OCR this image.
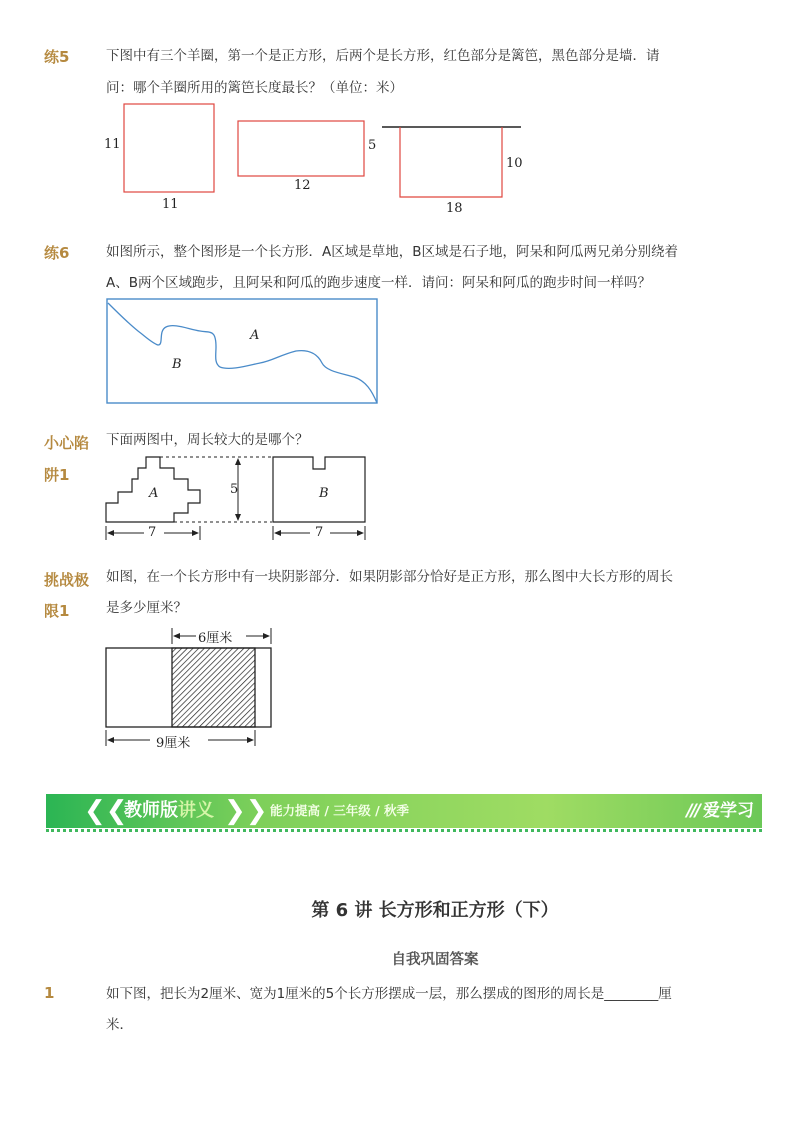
练5	下图中有三个羊圈，第一个是正方形，后两个是长方形，红色部分是篱笆，黑色部分是墙．请
问：哪个羊圈所用的篱笆长度最长？（单位：米）
11
11
5
12
10
18
练6	如图所示，整个图形是一个长方形．A区域是草地，B区域是石子地，阿呆和阿瓜两兄弟分别绕着
A、B两个区域跑步，且阿呆和阿瓜的跑步速度一样．请问：阿呆和阿瓜的跑步时间一样吗？
A
B
小心陷
阱1
下面两图中，周长较大的是哪个？
A	B
5
7	7
挑战极
限1
如图，在一个长方形中有一块阴影部分．如果阴影部分恰好是正方形，那么图中大长方形的周长
是多少厘米？
6厘米
9厘米
❮❮
教师版讲义 ❯❯ 能力提高 / 三年级 / 秋季	/// 爱学习
第 6 讲 长方形和正方形（下）
自我巩固答案
1	如下图，把长为2厘米、宽为1厘米的5个长方形摆成一层，那么摆成的图形的周长是________厘
米．
